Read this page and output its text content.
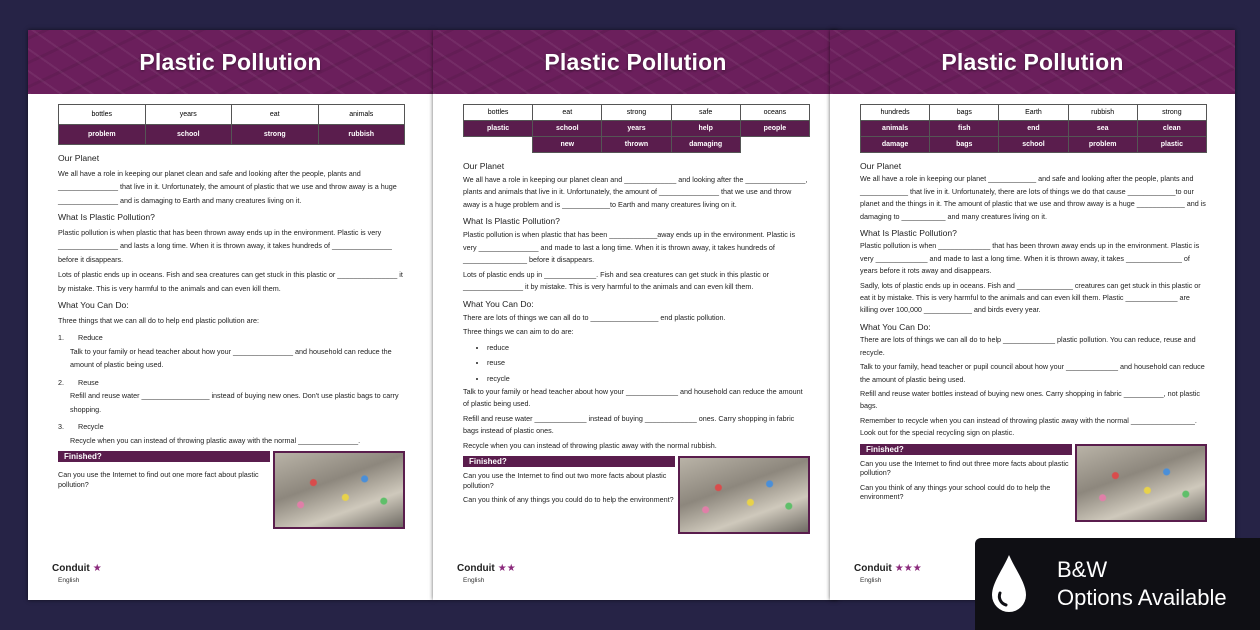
Plastic Pollution
bottles	years	eat	animals
problem	school	strong	rubbish
Our Planet

We all have a role in keeping our planet clean and safe and looking after the people, plants and _______________ that live in it. Unfortunately, the amount of plastic that we use and throw away is a huge _______________ and is damaging to Earth and many creatures living on it.

What Is Plastic Pollution?

Plastic pollution is when plastic that has been thrown away ends up in the environment. Plastic is very _______________ and lasts a long time. When it is thrown away, it takes hundreds of _______________ before it disappears.

Lots of plastic ends up in oceans. Fish and sea creatures can get stuck in this plastic or _______________ it by mistake. This is very harmful to the animals and can even kill them.

What You Can Do:

Three things that we can all do to help end plastic pollution are:

1. Reduce
Talk to your family or head teacher about how your _______________ and household can reduce the amount of plastic being used.
2. Reuse
Refill and reuse water _________________ instead of buying new ones. Don't use plastic bags to carry shopping.
3. Recycle
Recycle when you can instead of throwing plastic away with the normal _______________.
Finished?

Can you use the Internet to find out one more fact about plastic pollution?

Conduit ★
English
Plastic Pollution
bottles	eat	strong	safe	oceans
plastic	school	years	help	people
	new	thrown	damaging	
Our Planet

We all have a role in keeping our planet clean and _____________ and looking after the _______________, plants and animals that live in it. Unfortunately, the amount of _______________ that we use and throw away is a huge problem and is ____________to Earth and many creatures living on it.

What Is Plastic Pollution?

Plastic pollution is when plastic that has been ____________away ends up in the environment. Plastic is very _______________ and made to last a long time. When it is thrown away, it takes hundreds of ________________ before it disappears.

Lots of plastic ends up in _____________. Fish and sea creatures can get stuck in this plastic or _______________ it by mistake. This is very harmful to the animals and can even kill them.

What You Can Do:

There are lots of things we can all do to _________________ end plastic pollution.

Three things we can aim to do are:

• reduce
• reuse
• recycle

Talk to your family or head teacher about how your _____________ and household can reduce the amount of plastic being used.

Refill and reuse water _____________ instead of buying _____________ ones. Carry shopping in fabric bags instead of plastic ones.

Recycle when you can instead of throwing plastic away with the normal rubbish.

Finished?

Can you use the Internet to find out two more facts about plastic pollution?

Can you think of any things you could do to help the environment?

Conduit ★★
English
Plastic Pollution
hundreds	bags	Earth	rubbish	strong
animals	fish	end	sea	clean
damage	bags	school	problem	plastic
Our Planet

We all have a role in keeping our planet ____________ and safe and looking after the people, plants and ____________ that live in it. Unfortunately, there are lots of things we do that cause ____________to our planet and the things in it. The amount of plastic that we use and throw away is a huge ____________ and is damaging to ___________ and many creatures living on it.

What Is Plastic Pollution?

Plastic pollution is when _____________ that has been thrown away ends up in the environment. Plastic is very _____________ and made to last a long time. When it is thrown away, it takes ______________ of years before it rots away and disappears.

Sadly, lots of plastic ends up in oceans. Fish and ______________ creatures can get stuck in this plastic or eat it by mistake. This is very harmful to the animals and can even kill them. Plastic _____________ are killing over 100,000 ____________ and birds every year.

What You Can Do:

There are lots of things we can all do to help _____________ plastic pollution. You can reduce, reuse and recycle.

Talk to your family, head teacher or pupil council about how your _____________ and household can reduce the amount of plastic being used.

Refill and reuse water bottles instead of buying new ones. Carry shopping in fabric __________, not plastic bags.

Remember to recycle when you can instead of throwing plastic away with the normal ________________. Look out for the special recycling sign on plastic.

Finished?

Can you use the Internet to find out three more facts about plastic pollution?

Can you think of any things your school could do to help the environment?

Conduit ★★★
English	B&W
Options Available
